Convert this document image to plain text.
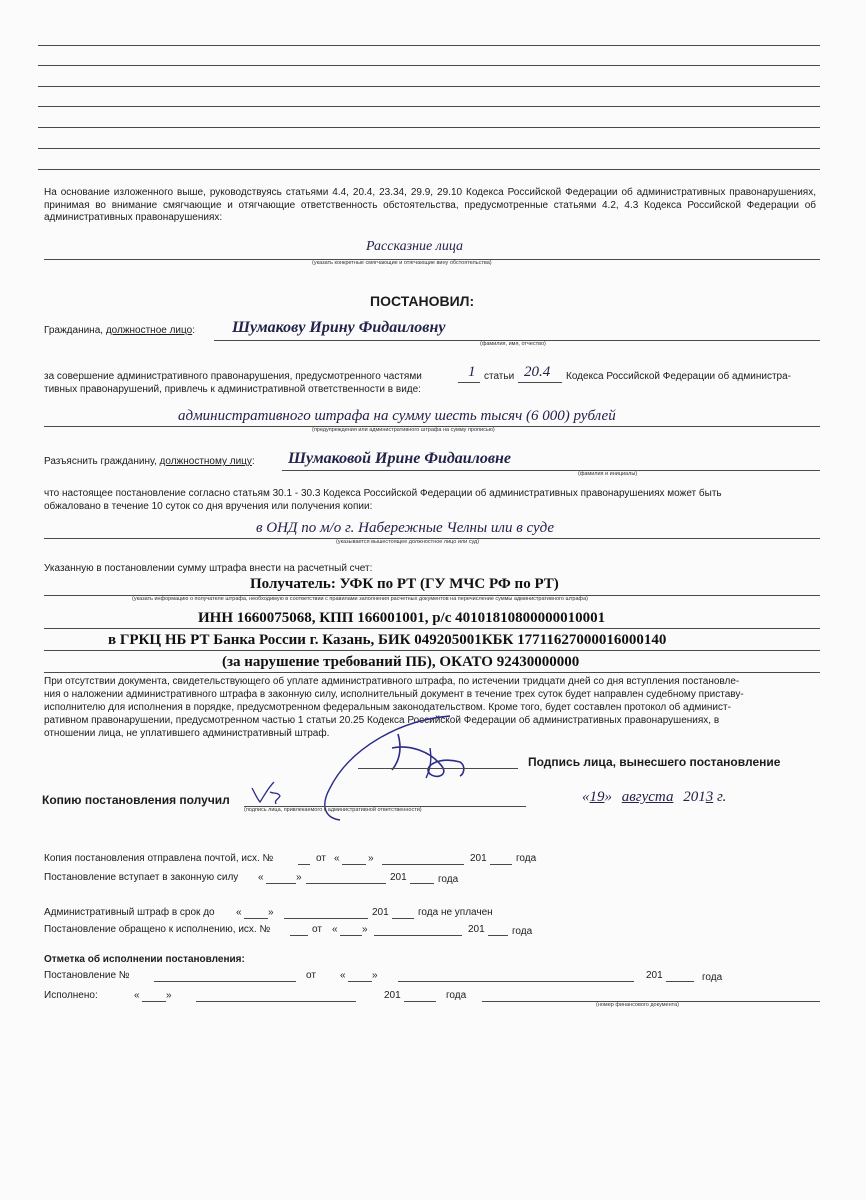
На основание изложенного выше, руководствуясь статьями 4.4, 20.4, 23.34, 29.9, 29.10 Кодекса Российской Федерации об административных правонарушениях, принимая во внимание смягчающие и отягчающие ответственность обстоятельства, предусмотренные статьями 4.2, 4.3 Кодекса Российской Федерации об административных правонарушениях:
Рассказние лица
(указать конкретные смягчающие и отягчающие вину обстоятельства)
ПОСТАНОВИЛ:
Гражданина, должностное лицо: Шумакову Ирину Фидаиловну
(фамилия, имя, отчество)
за совершение административного правонарушения, предусмотренного частями	1 статьи 20.4 Кодекса Российской Федерации об администра-
тивных правонарушений, привлечь к административной ответственности в виде:
административного штрафа на сумму шесть тысяч (6 000) рублей
(предупреждения или административного штрафа на сумму прописью)
Разъяснить гражданину, должностному лицу: Шумаковой Ирине Фидаиловне
(фамилия и инициалы)
что настоящее постановление согласно статьям 30.1 - 30.3 Кодекса Российской Федерации об административных правонарушениях может быть
обжаловано в течение 10 суток со дня вручения или получения копии:
в ОНД по м/о г. Набережные Челны или в суде
(указывается вышестоящее должностное лицо или суд)
Указанную в постановлении сумму штрафа внести на расчетный счет:
Получатель: УФК по РТ (ГУ МЧС РФ по РТ)
(указать информацию о получателе штрафа, необходимую в соответствии с правилами заполнения расчетных документов на перечисление суммы административного штрафа)
ИНН 1660075068, КПП 166001001, р/с 40101810800000010001
в ГРКЦ НБ РТ Банка России г. Казань, БИК 049205001КБК 17711627000016000140
(за нарушение требований ПБ), ОКАТО 92430000000
При отсутствии документа, свидетельствующего об уплате административного штрафа, по истечении тридцати дней со дня вступления постановле-
ния о наложении административного штрафа в законную силу, исполнительный документ в течение трех суток будет направлен судебному приставу-
исполнителю для исполнения в порядке, предусмотренном федеральным законодательством. Кроме того, будет составлен протокол об админист-
ративном правонарушении, предусмотренном частью 1 статьи 20.25 Кодекса Российской Федерации об административных правонарушениях, в
отношении лица, не уплатившего административный штраф.
Подпись лица, вынесшего постановление
Копию постановления получил
(подпись лица, привлекаемого к административной ответственности)
«19» августа 2013 г.
Копия постановления отправлена почтой, исх. №	от «	»	201	года
Постановление вступает в законную силу «	»	201	года
Административный штраф в срок до «	»	201	года не уплачен
Постановление обращено к исполнению, исх. №	от « »	201	года
Отметка об исполнении постановления:
Постановление №	от «	»	201	года
Исполнено:	«	»	201	года
(номер финансового документа)
